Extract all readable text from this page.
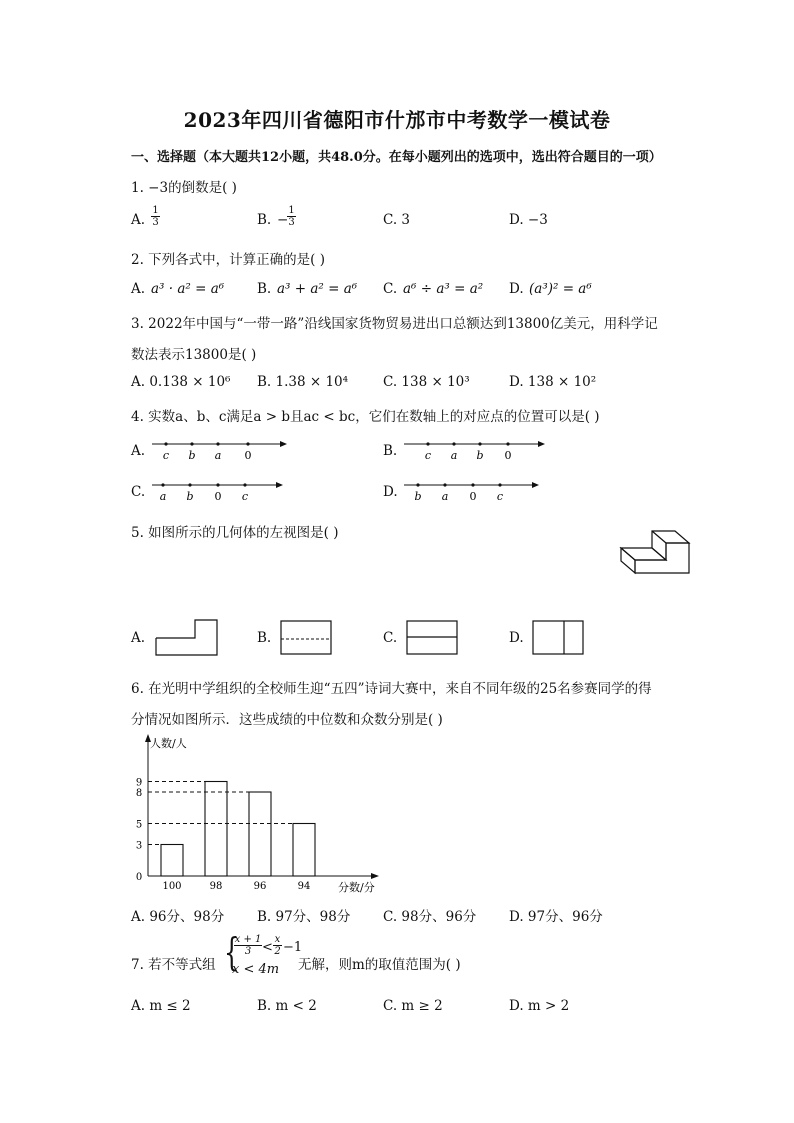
2023年四川省德阳市什邡市中考数学一模试卷
一、选择题（本大题共12小题，共48.0分。在每小题列出的选项中，选出符合题目的一项）
1. −3的倒数是( )
A. $\frac{1}{3}$	B. −
$\frac{1}{3}$	C. 3	D. −3
2. 下列各式中，计算正确的是( )
A. a³ · a² = a⁶ B. a³ + a² = a⁶ C. a⁶ ÷ a³ = a² D. (a³)² = a⁶
3. 2022年中国与“一带一路”沿线国家货物贸易进出口总额达到13800亿美元，用科学记
数法表示13800是( )
A. 0.138 × 10⁶ B. 1.38 × 10⁴	C. 138 × 10³	D. 138 × 10²
4. 实数a、b、c满足a > b且ac < bc，它们在数轴上的对应点的位置可以是( )
A. c b a 0	B.	c a b 0
C. a b 0 c	D. b a 0 c
5. 如图所示的几何体的左视图是( )
A.	B.	C.	D.
6. 在光明中学组织的全校师生迎“五四”诗词大赛中，来自不同年级的25名参赛同学的得
分情况如图所示．这些成绩的中位数和众数分别是( )
人数/人
分数/分
0
3
5
8
9
100	98	96	94
A. 96分、98分 B. 97分、98分 C. 98分、96分 D. 97分、96分
7. 若不等式组 {
$\frac{x + 1}{3} < \frac{x}{2} -1$
x < 4m 无解，则m的取值范围为( )
A. m ≤ 2	B. m < 2	C. m ≥ 2	D. m > 2
